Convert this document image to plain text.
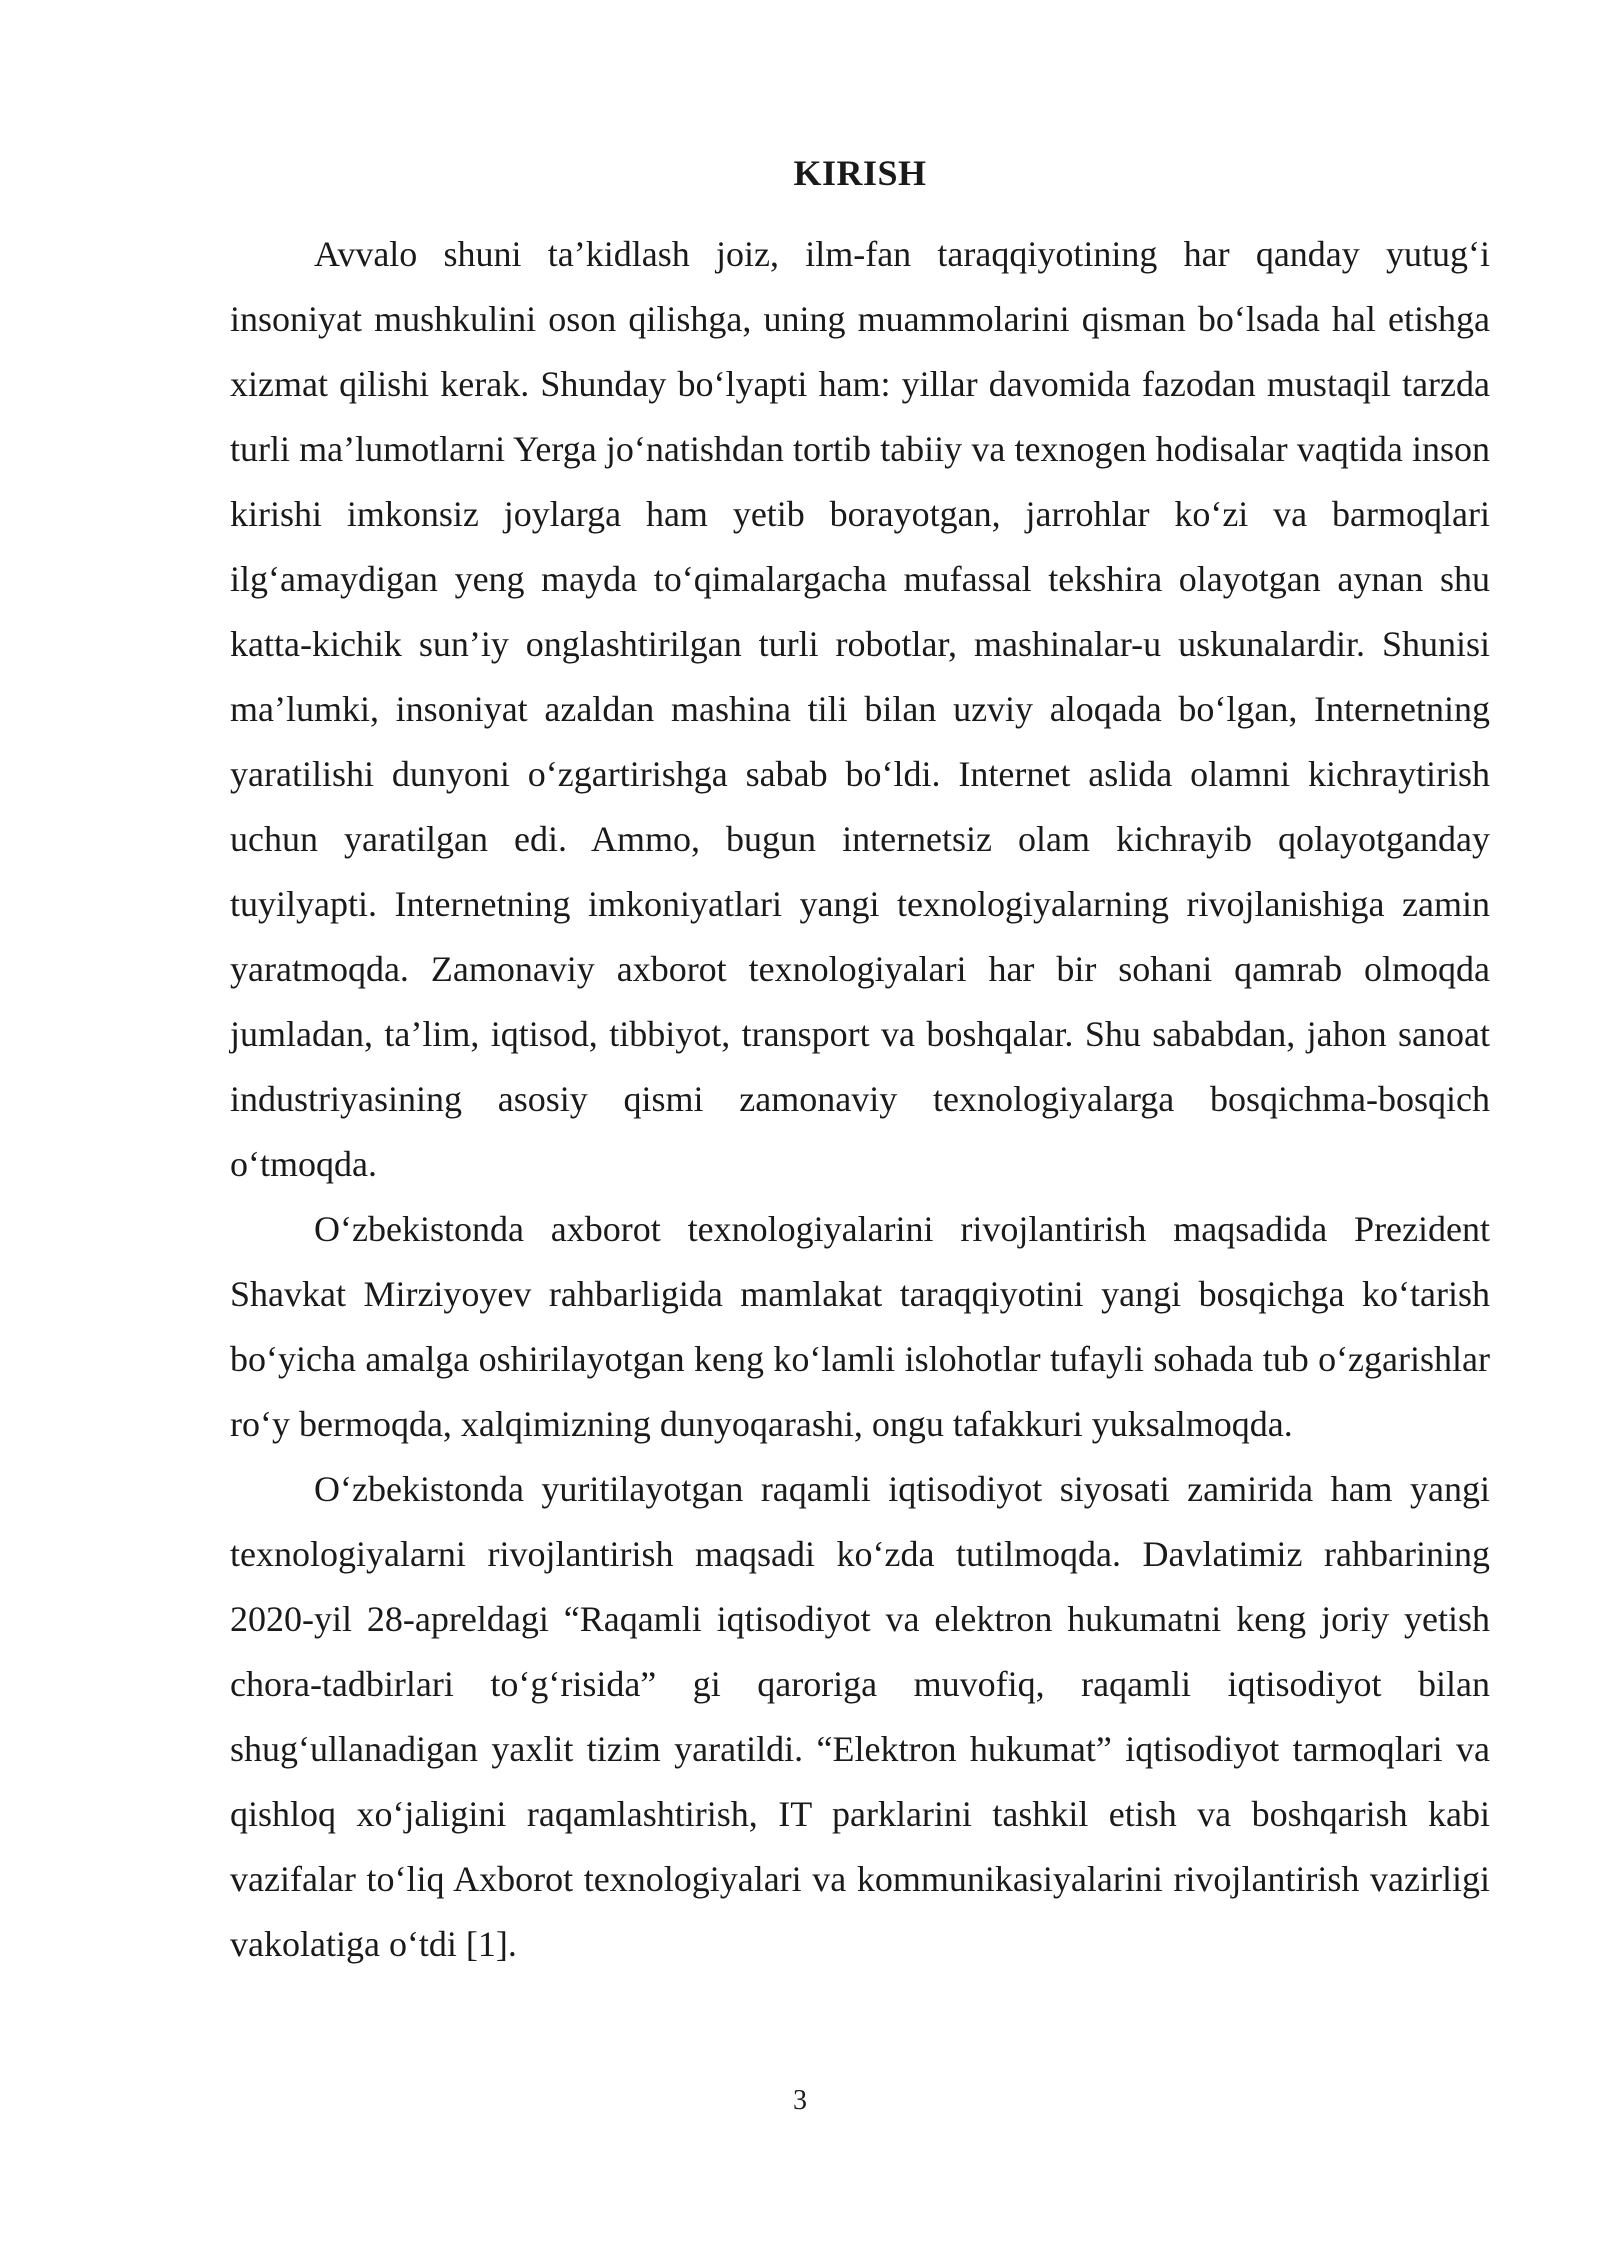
KIRISH

Avvalo shuni ta’kidlash joiz, ilm-fan taraqqiyotining har qanday yutug‘i insoniyat mushkulini oson qilishga, uning muammolarini qisman bo‘lsada hal etishga xizmat qilishi kerak. Shunday bo‘lyapti ham: yillar davomida fazodan mustaqil tarzda turli ma’lumotlarni Yerga jo‘natishdan tortib tabiiy va texnogen hodisalar vaqtida inson kirishi imkonsiz joylarga ham yetib borayotgan, jarrohlar ko‘zi va barmoqlari ilg‘amaydigan yeng mayda to‘qimalargacha mufassal tekshira olayotgan aynan shu katta-kichik sun’iy onglashtirilgan turli robotlar, mashinalar-u uskunalardir. Shunisi ma’lumki, insoniyat azaldan mashina tili bilan uzviy aloqada bo‘lgan, Internetning yaratilishi dunyoni o‘zgartirishga sabab bo‘ldi. Internet aslida olamni kichraytirish uchun yaratilgan edi. Ammo, bugun internetsiz olam kichrayib qolayotganday tuyilyapti. Internetning imkoniyatlari yangi texnologiyalarning rivojlanishiga zamin yaratmoqda. Zamonaviy axborot texnologiyalari har bir sohani qamrab olmoqda jumladan, ta’lim, iqtisod, tibbiyot, transport va boshqalar. Shu sababdan, jahon sanoat industriyasining asosiy qismi zamonaviy texnologiyalarga bosqichma-bosqich o‘tmoqda.

O‘zbekistonda axborot texnologiyalarini rivojlantirish maqsadida Prezident Shavkat Mirziyoyev rahbarligida mamlakat taraqqiyotini yangi bosqichga ko‘tarish bo‘yicha amalga oshirilayotgan keng ko‘lamli islohotlar tufayli sohada tub o‘zgarishlar ro‘y bermoqda, xalqimizning dunyoqarashi, ongu tafakkuri yuksalmoqda.

O‘zbekistonda yuritilayotgan raqamli iqtisodiyot siyosati zamirida ham yangi texnologiyalarni rivojlantirish maqsadi ko‘zda tutilmoqda. Davlatimiz rahbarining 2020-yil 28-apreldagi “Raqamli iqtisodiyot va elektron hukumatni keng joriy yetish chora-tadbirlari to‘g‘risida” gi qaroriga muvofiq, raqamli iqtisodiyot bilan shug‘ullanadigan yaxlit tizim yaratildi. “Elektron hukumat” iqtisodiyot tarmoqlari va qishloq xo‘jaligini raqamlashtirish, IT parklarini tashkil etish va boshqarish kabi vazifalar to‘liq Axborot texnologiyalari va kommunikasiyalarini rivojlantirish vazirligi vakolatiga o‘tdi [1].

3
